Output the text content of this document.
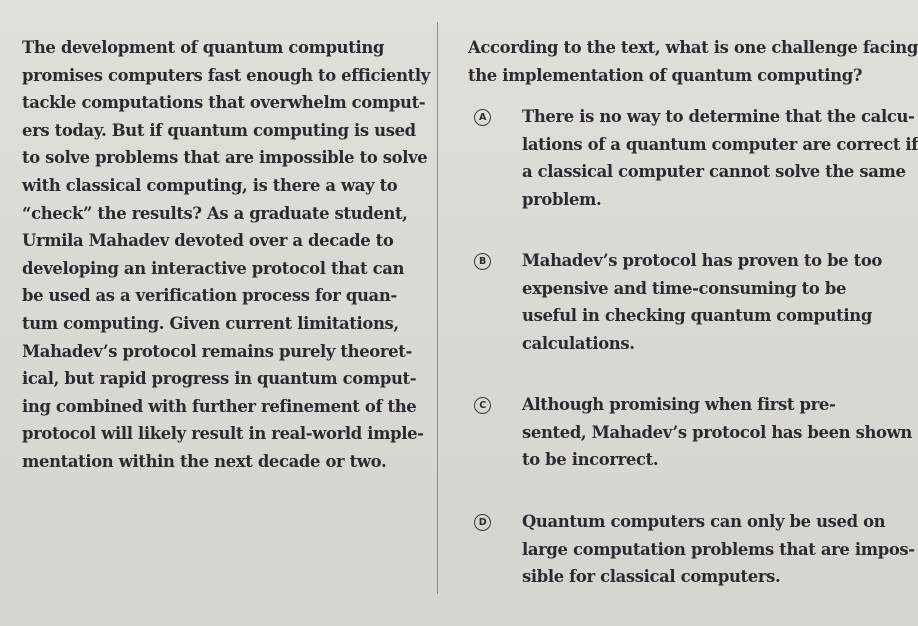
The development of quantum computing
promises computers fast enough to efficiently
tackle computations that overwhelm comput-
ers today. But if quantum computing is used
to solve problems that are impossible to solve
with classical computing, is there a way to
“check” the results? As a graduate student,
Urmila Mahadev devoted over a decade to
developing an interactive protocol that can
be used as a verification process for quan-
tum computing. Given current limitations,
Mahadev’s protocol remains purely theoret-
ical, but rapid progress in quantum comput-
ing combined with further refinement of the
protocol will likely result in real-world imple-
mentation within the next decade or two.
According to the text, what is one challenge facing
the implementation of quantum computing?
A	There is no way to determine that the calcu-
lations of a quantum computer are correct if
a classical computer cannot solve the same
problem.
B	Mahadev’s protocol has proven to be too
expensive and time-consuming to be
useful in checking quantum computing
calculations.
C	Although promising when first pre-
sented, Mahadev’s protocol has been shown
to be incorrect.
D Quantum computers can only be used on
large computation problems that are impos-
sible for classical computers.
